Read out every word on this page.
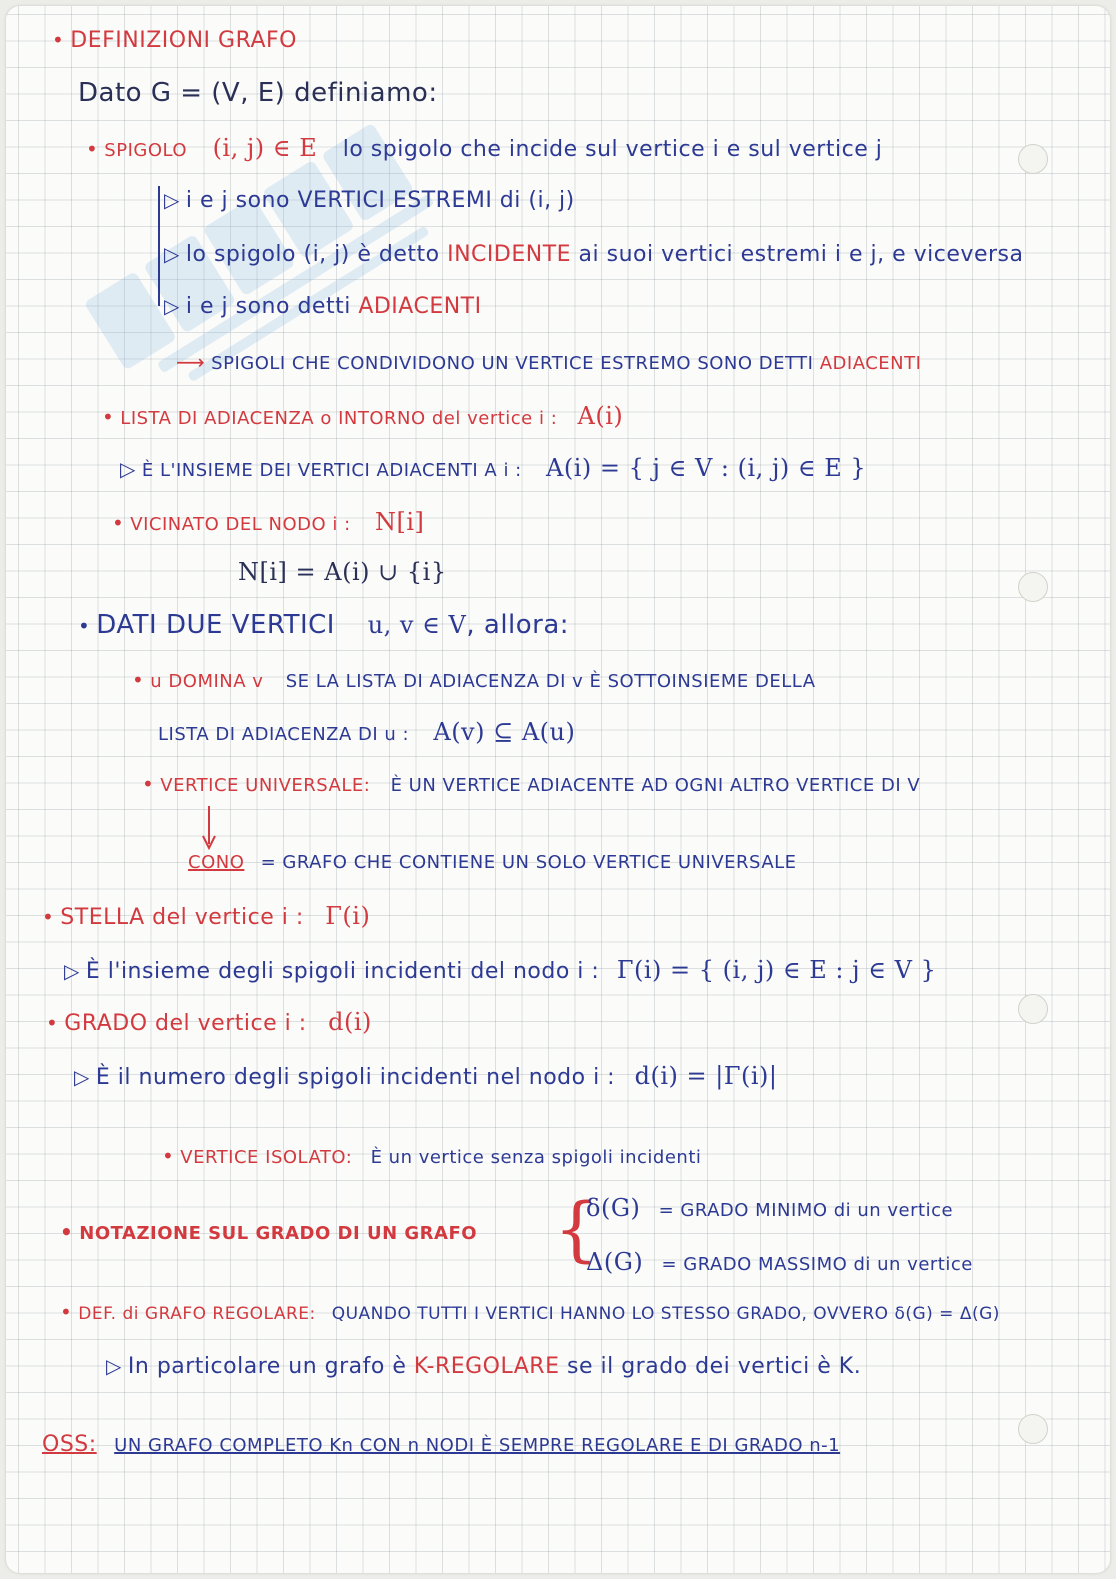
• DEFINIZIONI GRAFO
Dato G = (V, E) definiamo:
• SPIGOLO (i, j) ∈ E lo spigolo che incide sul vertice i e sul vertice j
▷ i e j sono VERTICI ESTREMI di (i, j)
▷ lo spigolo (i, j) è detto INCIDENTE ai suoi vertici estremi i e j, e viceversa
▷ i e j sono detti ADIACENTI
⟶ SPIGOLI CHE CONDIVIDONO UN VERTICE ESTREMO SONO DETTI ADIACENTI
• LISTA DI ADIACENZA o INTORNO del vertice i : A(i)
▷ È L'INSIEME DEI VERTICI ADIACENTI A i : A(i) = { j ∈ V : (i, j) ∈ E }
• VICINATO DEL NODO i : N[i]
N[i] = A(i) ∪ {i}
• DATI DUE VERTICI u, v ∈ V, allora:
• u DOMINA v SE LA LISTA DI ADIACENZA DI v È SOTTOINSIEME DELLA
LISTA DI ADIACENZA DI u : A(v) ⊆ A(u)
• VERTICE UNIVERSALE: È UN VERTICE ADIACENTE AD OGNI ALTRO VERTICE DI V
CONO = GRAFO CHE CONTIENE UN SOLO VERTICE UNIVERSALE
• STELLA del vertice i : Γ(i)
▷ È l'insieme degli spigoli incidenti del nodo i : Γ(i) = { (i, j) ∈ E : j ∈ V }
• GRADO del vertice i : d(i)
▷ È il numero degli spigoli incidenti nel nodo i : d(i) = |Γ(i)|
• VERTICE ISOLATO: È un vertice senza spigoli incidenti
• NOTAZIONE SUL GRADO DI UN GRAFO {
δ(G) = GRADO MINIMO di un vertice
Δ(G) = GRADO MASSIMO di un vertice
• DEF. di GRAFO REGOLARE: QUANDO TUTTI I VERTICI HANNO LO STESSO GRADO, OVVERO δ(G) = Δ(G)
▷ In particolare un grafo è K-REGOLARE se il grado dei vertici è K.
OSS: UN GRAFO COMPLETO Kn CON n NODI È SEMPRE REGOLARE E DI GRADO n-1
